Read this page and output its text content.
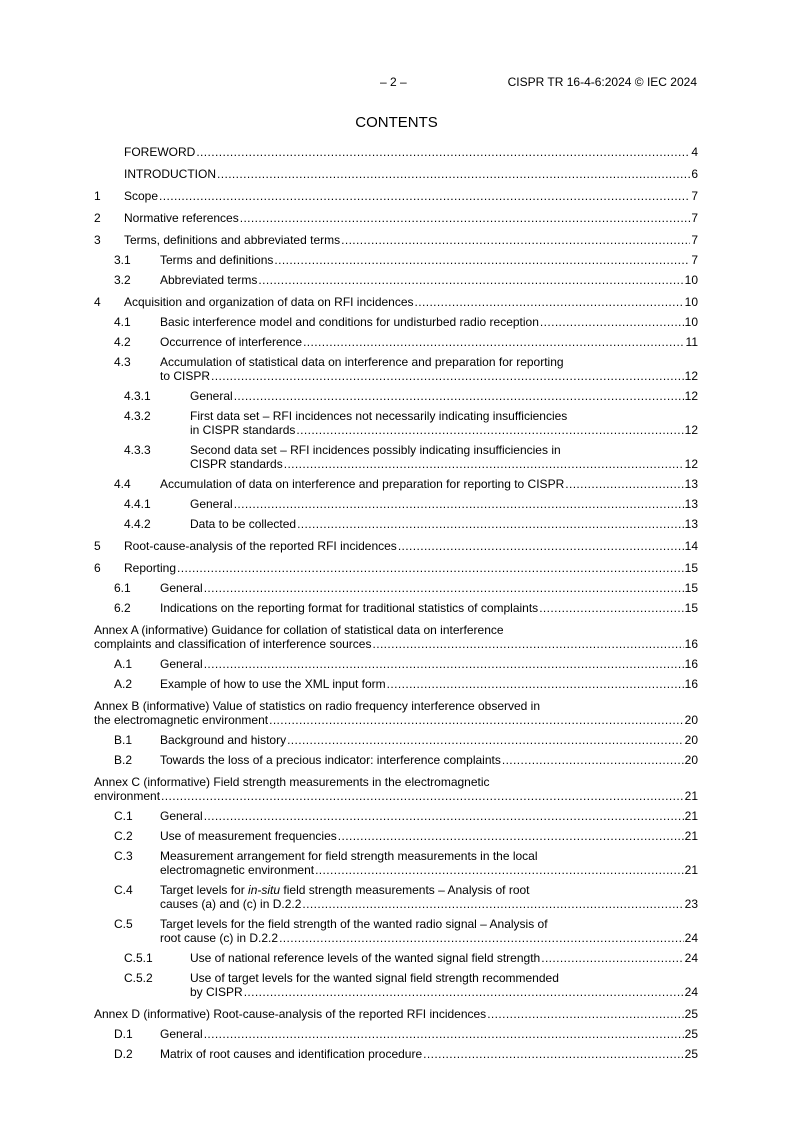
– 2 –	CISPR TR 16-4-6:2024 © IEC 2024
CONTENTS
FOREWORD .....	4
INTRODUCTION .....	6
1 Scope .....	7
2 Normative references .....	7
3 Terms, definitions and abbreviated terms .....	7
3.1 Terms and definitions .....	7
3.2 Abbreviated terms .....	10
4 Acquisition and organization of data on RFI incidences .....	10
4.1 Basic interference model and conditions for undisturbed radio reception .....	10
4.2 Occurrence of interference .....	11
4.3 Accumulation of statistical data on interference and preparation for reporting
to CISPR .....	12
4.3.1	General .....	12
4.3.2	First data set – RFI incidences not necessarily indicating insufficiencies
in CISPR standards .....	12
4.3.3	Second data set – RFI incidences possibly indicating insufficiencies in
CISPR standards .....	12
4.4 Accumulation of data on interference and preparation for reporting to CISPR .....	13
4.4.1	General .....	13
4.4.2	Data to be collected .....	13
5 Root-cause-analysis of the reported RFI incidences .....	14
6 Reporting .....	15
6.1 General .....	15
6.2 Indications on the reporting format for traditional statistics of complaints .....	15
Annex A (informative) Guidance for collation of statistical data on interference
complaints and classification of interference sources .....	16
A.1 General .....	16
A.2 Example of how to use the XML input form .....	16
Annex B (informative) Value of statistics on radio frequency interference observed in
the electromagnetic environment .....	20
B.1 Background and history .....	20
B.2 Towards the loss of a precious indicator: interference complaints .....	20
Annex C (informative) Field strength measurements in the electromagnetic
environment .....	21
C.1 General .....	21
C.2 Use of measurement frequencies .....	21
C.3 Measurement arrangement for field strength measurements in the local
electromagnetic environment .....	21
C.4 Target levels for in-situ field strength measurements – Analysis of root
causes (a) and (c) in D.2.2 .....	23
C.5 Target levels for the field strength of the wanted radio signal – Analysis of
root cause (c) in D.2.2 .....	24
C.5.1	Use of national reference levels of the wanted signal field strength .....	24
C.5.2	Use of target levels for the wanted signal field strength recommended
by CISPR .....	24
Annex D (informative) Root-cause-analysis of the reported RFI incidences .....	25
D.1 General .....	25
D.2 Matrix of root causes and identification procedure .....	25
